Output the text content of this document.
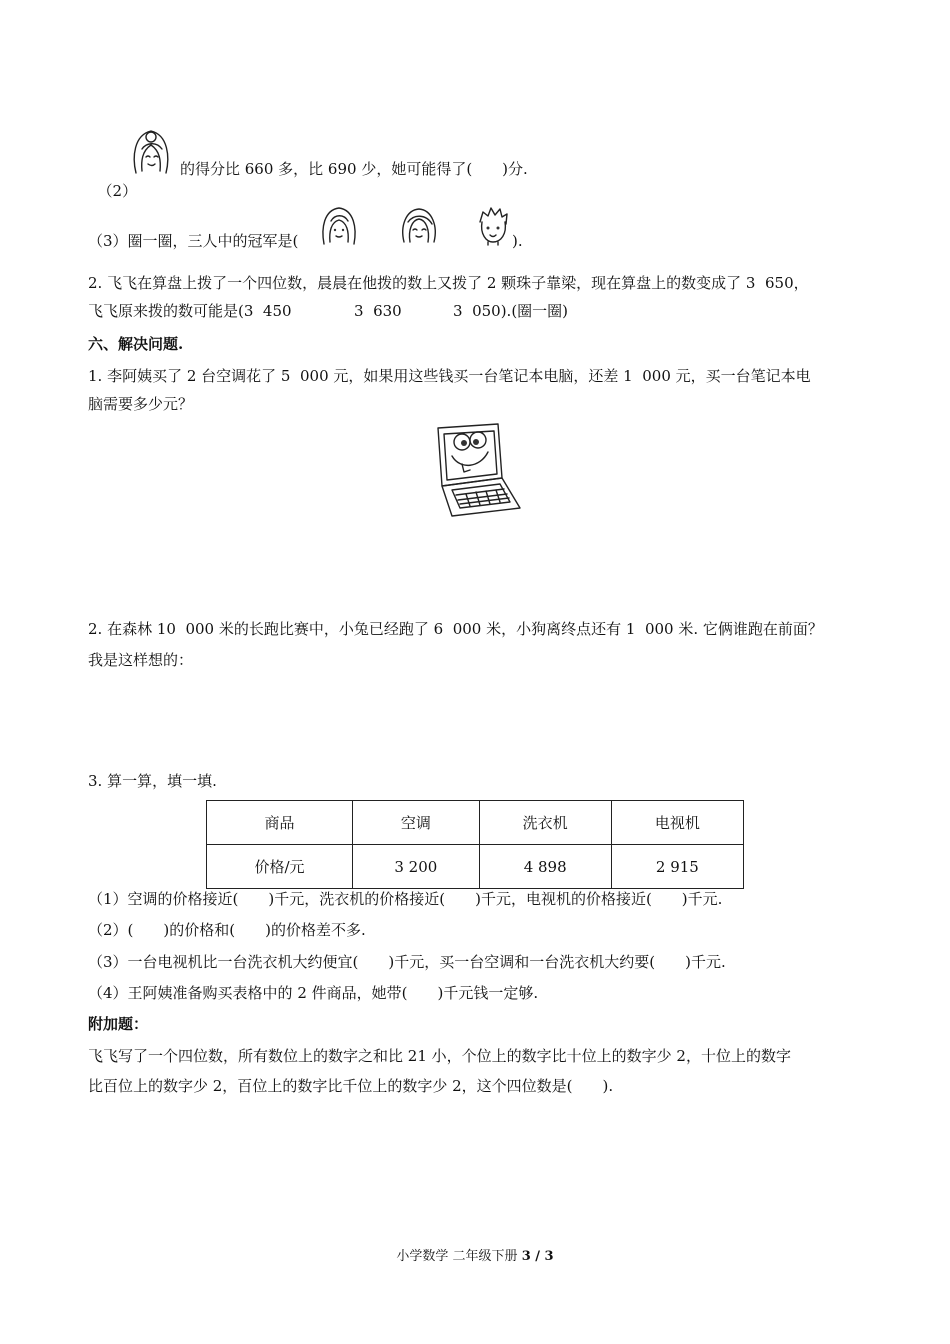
（2）

的得分比 660 多，比 690 少，她可能得了(　　)分.
（3）圈一圈，三人中的冠军是(	).
2. 飞飞在算盘上拨了一个四位数，晨晨在他拨的数上又拨了 2 颗珠子靠梁，现在算盘上的数变成了 3  650，
飞飞原来拨的数可能是(3  450	3  630	3  050).(圈一圈)
六、解决问题.
1. 李阿姨买了 2 台空调花了 5  000 元，如果用这些钱买一台笔记本电脑，还差 1  000 元，买一台笔记本电
脑需要多少元？
2. 在森林 10  000 米的长跑比赛中，小兔已经跑了 6  000 米，小狗离终点还有 1  000 米. 它俩谁跑在前面？
我是这样想的：
3. 算一算，填一填.
商品	空调	洗衣机	电视机
价格/元	3 200	4 898	2 915
（1）空调的价格接近(　　)千元，洗衣机的价格接近(　　)千元，电视机的价格接近(　　)千元.
（2）(　　)的价格和(　　)的价格差不多.
（3）一台电视机比一台洗衣机大约便宜(　　)千元，买一台空调和一台洗衣机大约要(　　)千元.
（4）王阿姨准备购买表格中的 2 件商品，她带(　　)千元钱一定够.
附加题：
飞飞写了一个四位数，所有数位上的数字之和比 21 小，个位上的数字比十位上的数字少 2，十位上的数字
比百位上的数字少 2，百位上的数字比千位上的数字少 2，这个四位数是(　　).
小学数学 二年级下册 3 / 3
